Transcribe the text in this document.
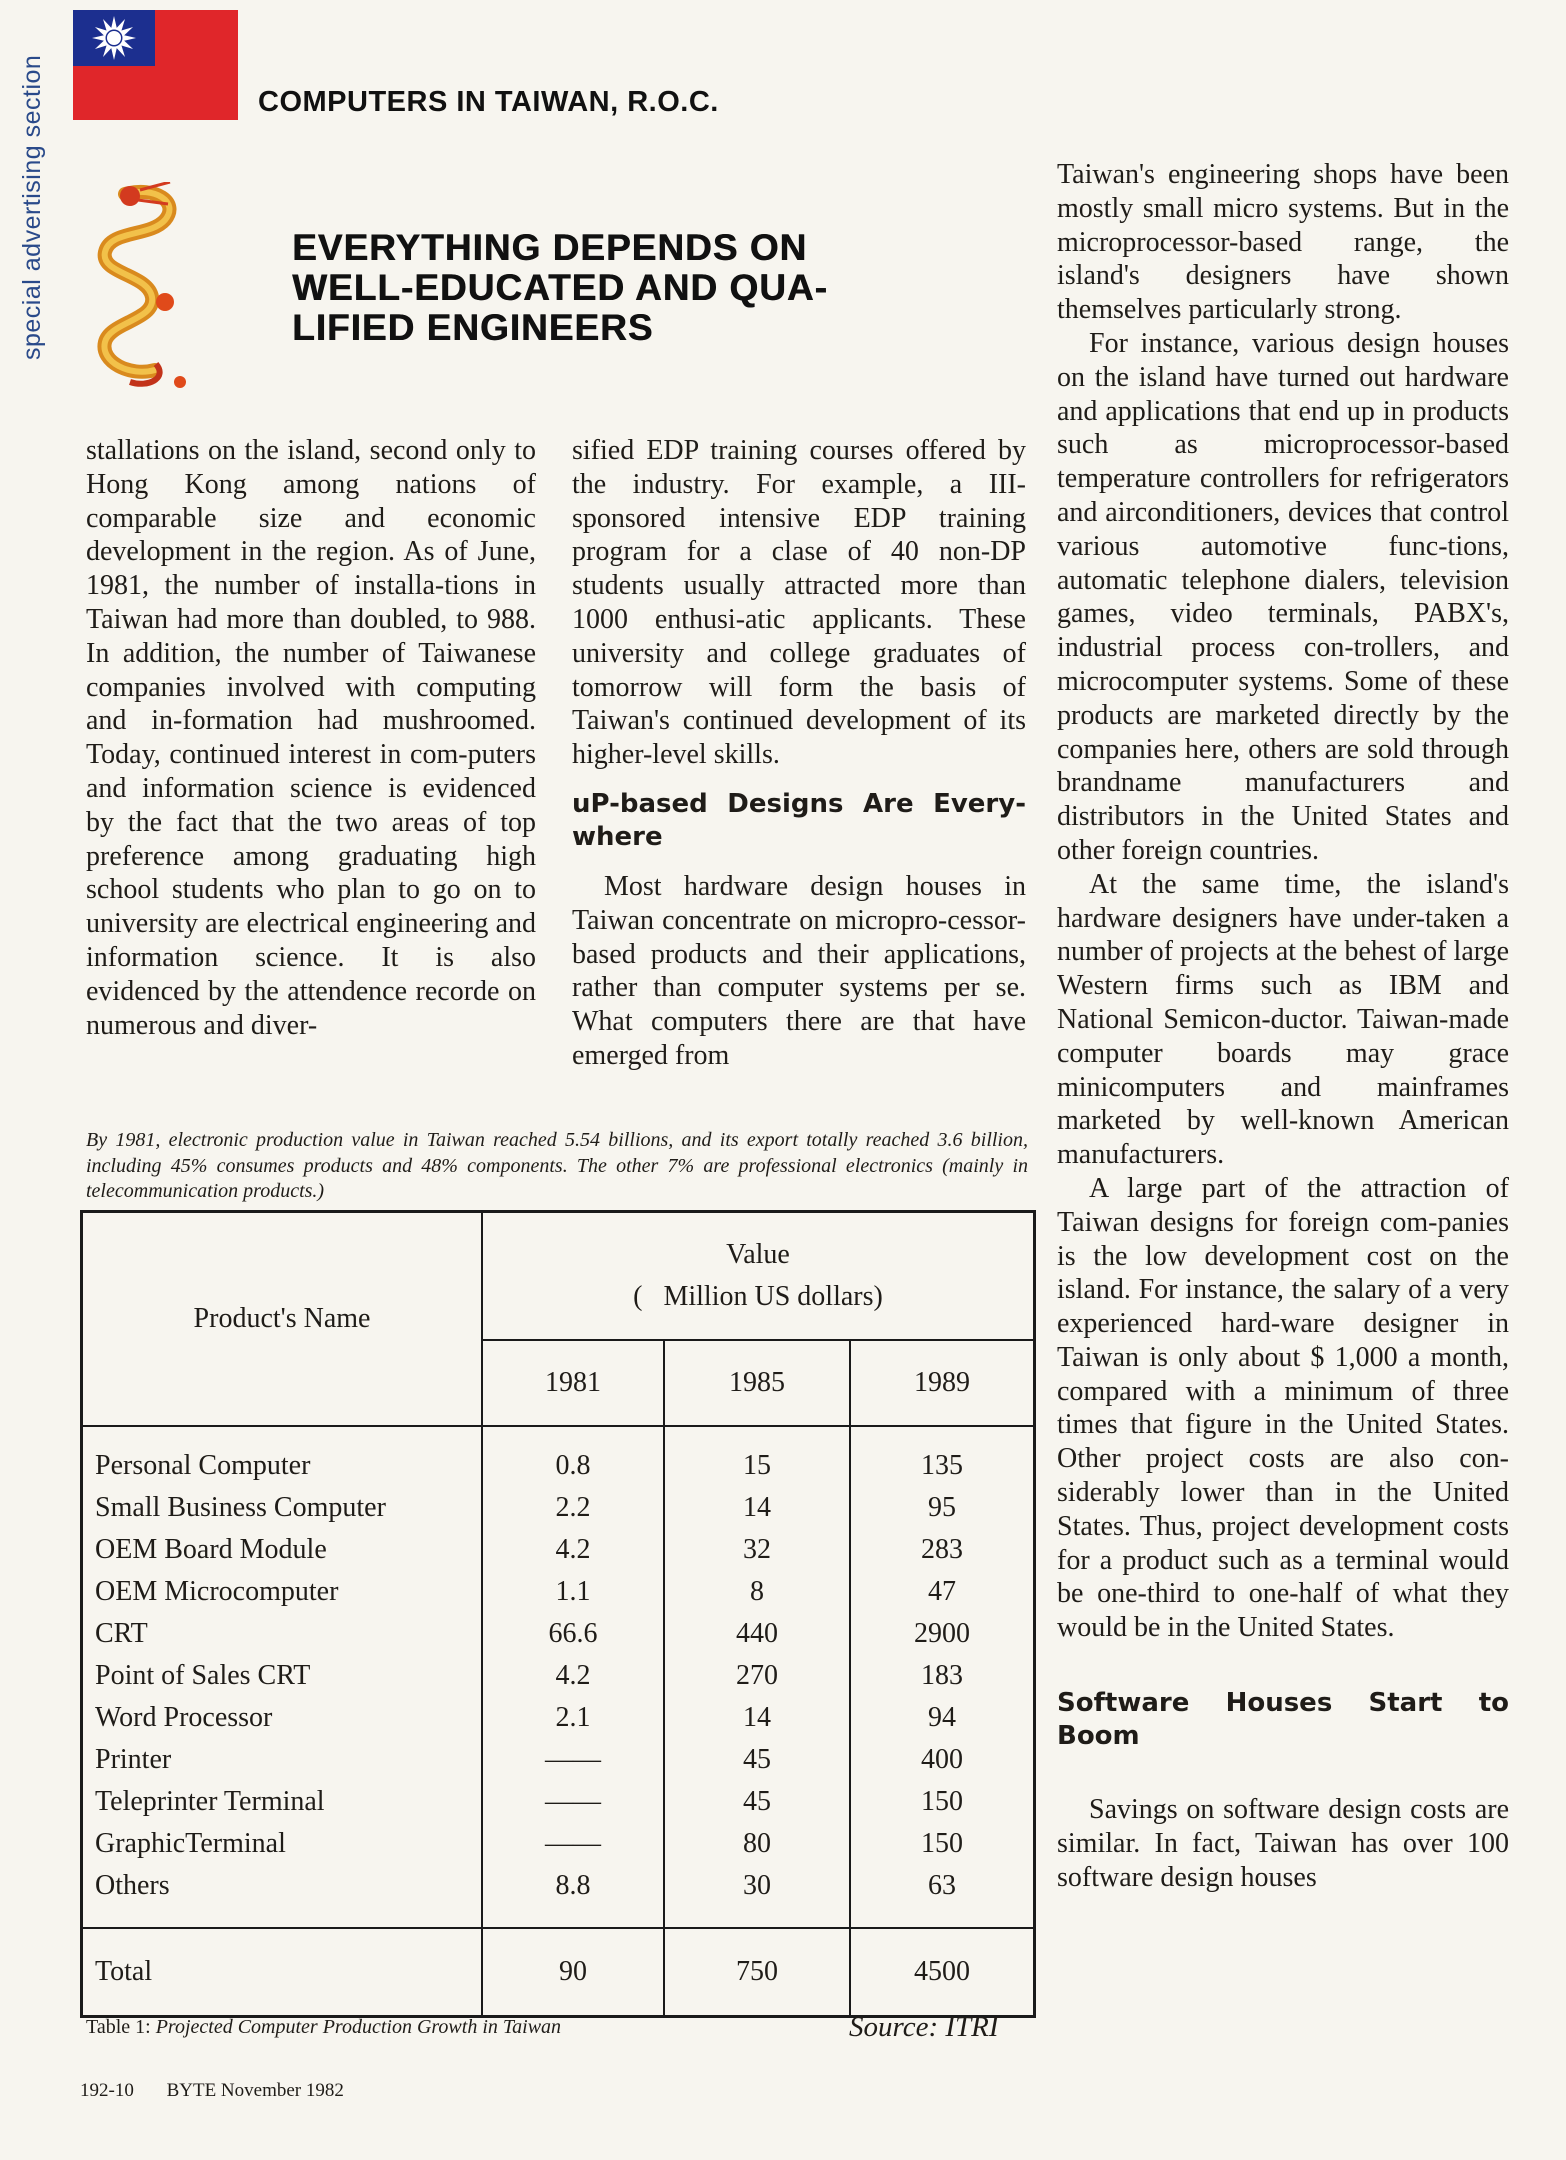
special advertising section	COMPUTERS IN TAIWAN, R.O.C.
EVERYTHING DEPENDS ON
WELL-EDUCATED AND QUA-
LIFIED ENGINEERS

stallations on the island, second only to Hong Kong among nations of comparable size and economic development in the region. As of June, 1981, the number of installa-tions in Taiwan had more than doubled, to 988. In addition, the number of Taiwanese companies involved with computing and in-formation had mushroomed. Today, continued interest in com-puters and information science is evidenced by the fact that the two areas of top preference among graduating high school students who plan to go on to university are electrical engineering and information science. It is also evidenced by the attendence recorde on numerous and diver-

sified EDP training courses offered by the industry. For example, a III-sponsored intensive EDP training program for a clase of 40 non-DP students usually attracted more than 1000 enthusi-atic applicants. These university and college graduates of tomorrow will form the basis of Taiwan's continued development of its higher-level skills.

uP-based Designs Are Every-where

Most hardware design houses in Taiwan concentrate on micropro-cessor-based products and their applications, rather than computer systems per se. What computers there are that have emerged from

Taiwan's engineering shops have been mostly small micro systems. But in the microprocessor-based range, the island's designers have shown themselves particularly strong.

For instance, various design houses on the island have turned out hardware and applications that end up in products such as microprocessor-based temperature controllers for refrigerators and airconditioners, devices that control various automotive func-tions, automatic telephone dialers, television games, video terminals, PABX's, industrial process con-trollers, and microcomputer systems. Some of these products are marketed directly by the companies here, others are sold through brandname manufacturers and distributors in the United States and other foreign countries.

At the same time, the island's hardware designers have under-taken a number of projects at the behest of large Western firms such as IBM and National Semicon-ductor. Taiwan-made computer boards may grace minicomputers and mainframes marketed by well-known American manufacturers.

A large part of the attraction of Taiwan designs for foreign com-panies is the low development cost on the island. For instance, the salary of a very experienced hard-ware designer in Taiwan is only about $ 1,000 a month, compared with a minimum of three times that figure in the United States. Other project costs are also con-siderably lower than in the United States. Thus, project development costs for a product such as a terminal would be one-third to one-half of what they would be in the United States.

Software Houses Start to Boom

Savings on software design costs are similar. In fact, Taiwan has over 100 software design houses

By 1981, electronic production value in Taiwan reached 5.54 billions, and its export totally reached 3.6 billion, including 45% consumes products and 48% components. The other 7% are professional electronics (mainly in telecommunication products.)
Product's Name	Value
(   Million US dollars)		

	1981	1985	1989
Personal Computer	0.8	15	135
Small Business Computer	2.2	14	95
OEM Board Module	4.2	32	283
OEM Microcomputer	1.1	8	47
CRT	66.6	440	2900
Point of Sales CRT	4.2	270	183
Word Processor	2.1	14	94
Printer	——	45	400
Teleprinter Terminal	——	45	150
GraphicTerminal	——	80	150
Others	8.8	30	63
Total	90	750	4500
Table 1: Projected Computer Production Growth in Taiwan	Source: ITRI
192-10 BYTE November 1982
